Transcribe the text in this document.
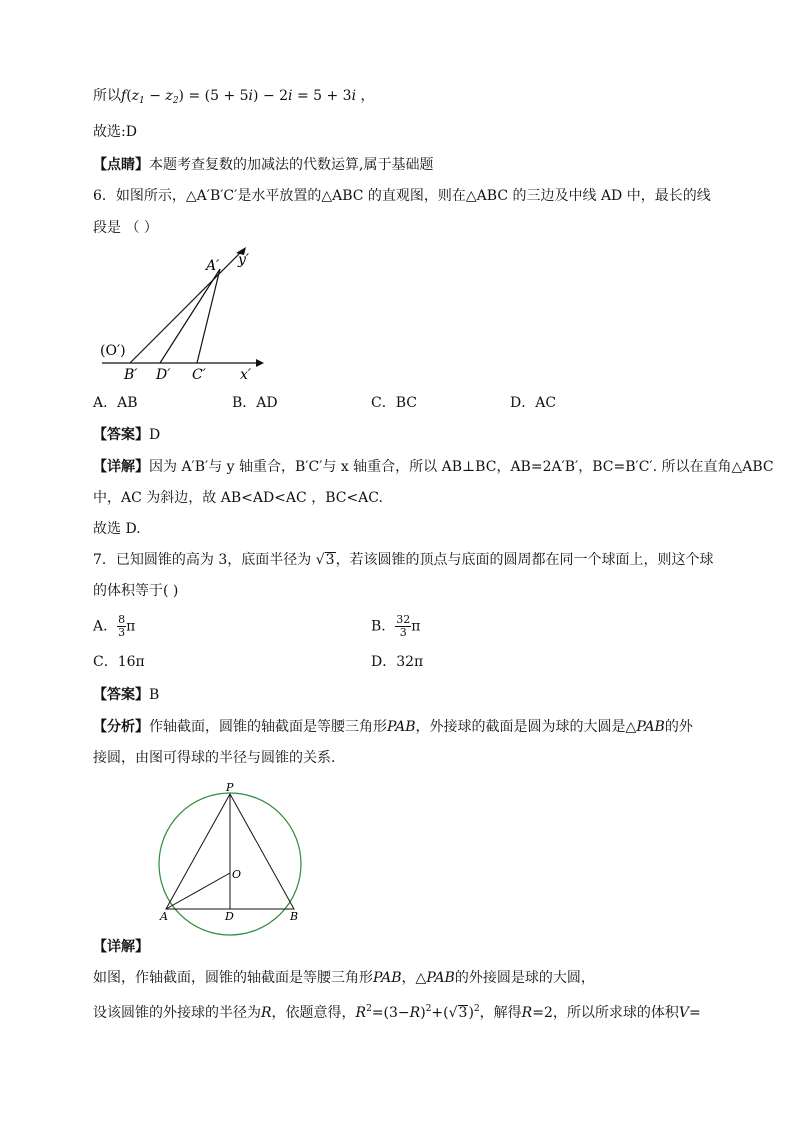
所以$f(z_1 - z_2) = (5 + 5i) - 2i = 5 + 3i$ ，
故选:D
【点睛】本题考查复数的加减法的代数运算,属于基础题
6．如图所示，△A′B′C′是水平放置的△ABC 的直观图，则在△ABC 的三边及中线 AD 中，最长的线
段是 （ ）
A′ y′
(O′)
B′ D′ C′ x′
A．AB	B．AD	C．BC	D．AC
【答案】D
【详解】因为 A′B′与 y 轴重合，B′C′与 x 轴重合，所以 AB⊥BC，AB=2A′B′，BC=B′C′. 所以在直角△ABC
中，AC 为斜边，故 AB<AD<AC ，BC<AC.
故选 D.
7．已知圆锥的高为 3，底面半径为 √3，若该圆锥的顶点与底面的圆周都在同一个球面上，则这个球
的体积等于( )
A． $\frac{8}{3}$ π	B． $\frac{32}{3}$ π
C．16π	D．32π
【答案】B
【分析】作轴截面，圆锥的轴截面是等腰三角形PAB，外接球的截面是圆为球的大圆是△PAB的外
接圆，由图可得球的半径与圆锥的关系．
P
O
A	D	B
【详解】
如图，作轴截面，圆锥的轴截面是等腰三角形PAB，△PAB的外接圆是球的大圆，
设该圆锥的外接球的半径为R，依题意得，$R^2=(3-R)^2+(√3)^2$，解得R=2，所以所求球的体积V=
